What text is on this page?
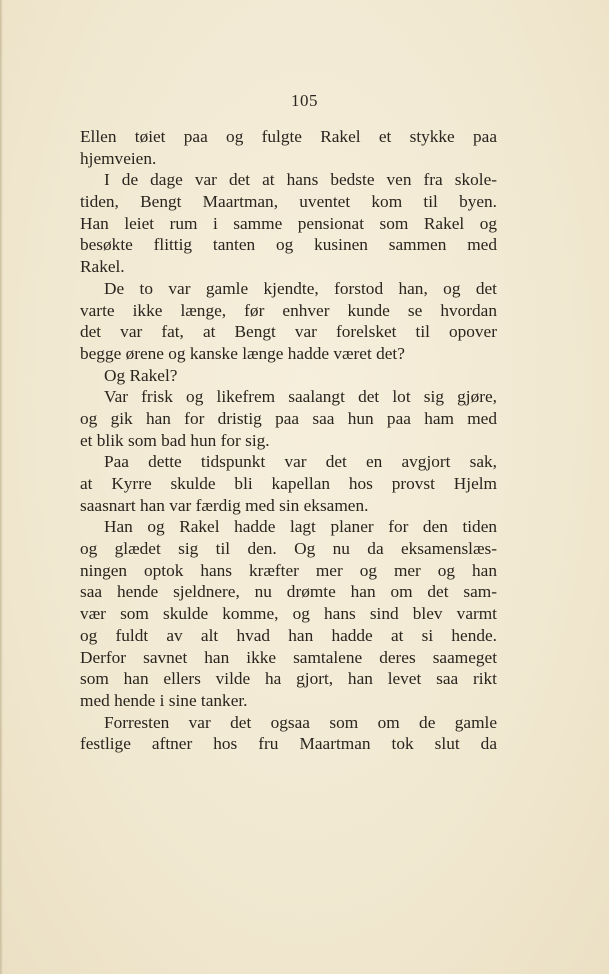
105
Ellen tøiet paa og fulgte Rakel et stykke paa
hjemveien.
I de dage var det at hans bedste ven fra skole-
tiden, Bengt Maartman, uventet kom til byen.
Han leiet rum i samme pensionat som Rakel og
besøkte flittig tanten og kusinen sammen med
Rakel.
De to var gamle kjendte, forstod han, og det
varte ikke længe, før enhver kunde se hvordan
det var fat, at Bengt var forelsket til opover
begge ørene og kanske længe hadde været det?
Og Rakel?
Var frisk og likefrem saalangt det lot sig gjøre,
og gik han for dristig paa saa hun paa ham med
et blik som bad hun for sig.
Paa dette tidspunkt var det en avgjort sak,
at Kyrre skulde bli kapellan hos provst Hjelm
saasnart han var færdig med sin eksamen.
Han og Rakel hadde lagt planer for den tiden
og glædet sig til den. Og nu da eksamenslæs-
ningen optok hans kræfter mer og mer og han
saa hende sjeldnere, nu drømte han om det sam-
vær som skulde komme, og hans sind blev varmt
og fuldt av alt hvad han hadde at si hende.
Derfor savnet han ikke samtalene deres saameget
som han ellers vilde ha gjort, han levet saa rikt
med hende i sine tanker.
Forresten var det ogsaa som om de gamle
festlige aftner hos fru Maartman tok slut da
